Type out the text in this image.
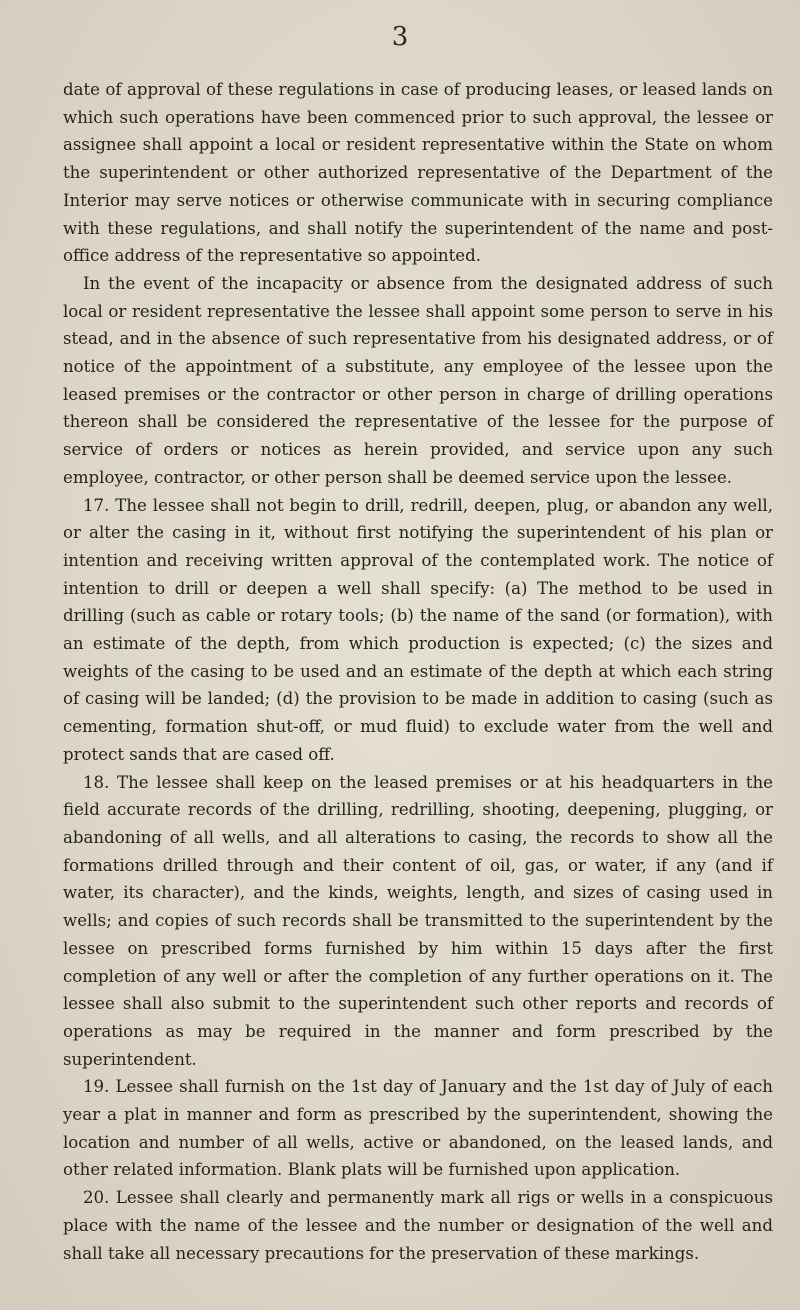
3

date of approval of these regulations in case of producing leases, or leased lands on which such operations have been commenced prior to such approval, the lessee or assignee shall appoint a local or resident representative within the State on whom the superintendent or other authorized representative of the Department of the Interior may serve notices or otherwise communicate with in securing compliance with these regulations, and shall notify the superintendent of the name and post-office address of the representative so appointed.

In the event of the incapacity or absence from the designated address of such local or resident representative the lessee shall appoint some person to serve in his stead, and in the absence of such representative from his designated address, or of notice of the appointment of a substitute, any employee of the lessee upon the leased premises or the contractor or other person in charge of drilling operations thereon shall be considered the representative of the lessee for the purpose of service of orders or notices as herein provided, and service upon any such employee, contractor, or other person shall be deemed service upon the lessee.

17. The lessee shall not begin to drill, redrill, deepen, plug, or abandon any well, or alter the casing in it, without first notifying the superintendent of his plan or intention and receiving written approval of the contemplated work. The notice of intention to drill or deepen a well shall specify: (a) The method to be used in drilling (such as cable or rotary tools; (b) the name of the sand (or formation), with an estimate of the depth, from which production is expected; (c) the sizes and weights of the casing to be used and an estimate of the depth at which each string of casing will be landed; (d) the provision to be made in addition to casing (such as cementing, formation shut-off, or mud fluid) to exclude water from the well and protect sands that are cased off.

18. The lessee shall keep on the leased premises or at his headquarters in the field accurate records of the drilling, redrilling, shooting, deepening, plugging, or abandoning of all wells, and all alterations to casing, the records to show all the formations drilled through and their content of oil, gas, or water, if any (and if water, its character), and the kinds, weights, length, and sizes of casing used in wells; and copies of such records shall be transmitted to the superintendent by the lessee on prescribed forms furnished by him within 15 days after the first completion of any well or after the completion of any further operations on it. The lessee shall also submit to the superintendent such other reports and records of operations as may be required in the manner and form prescribed by the superintendent.

19. Lessee shall furnish on the 1st day of January and the 1st day of July of each year a plat in manner and form as prescribed by the superintendent, showing the location and number of all wells, active or abandoned, on the leased lands, and other related information. Blank plats will be furnished upon application.

20. Lessee shall clearly and permanently mark all rigs or wells in a conspicuous place with the name of the lessee and the number or designation of the well and shall take all necessary precautions for the preservation of these markings.
